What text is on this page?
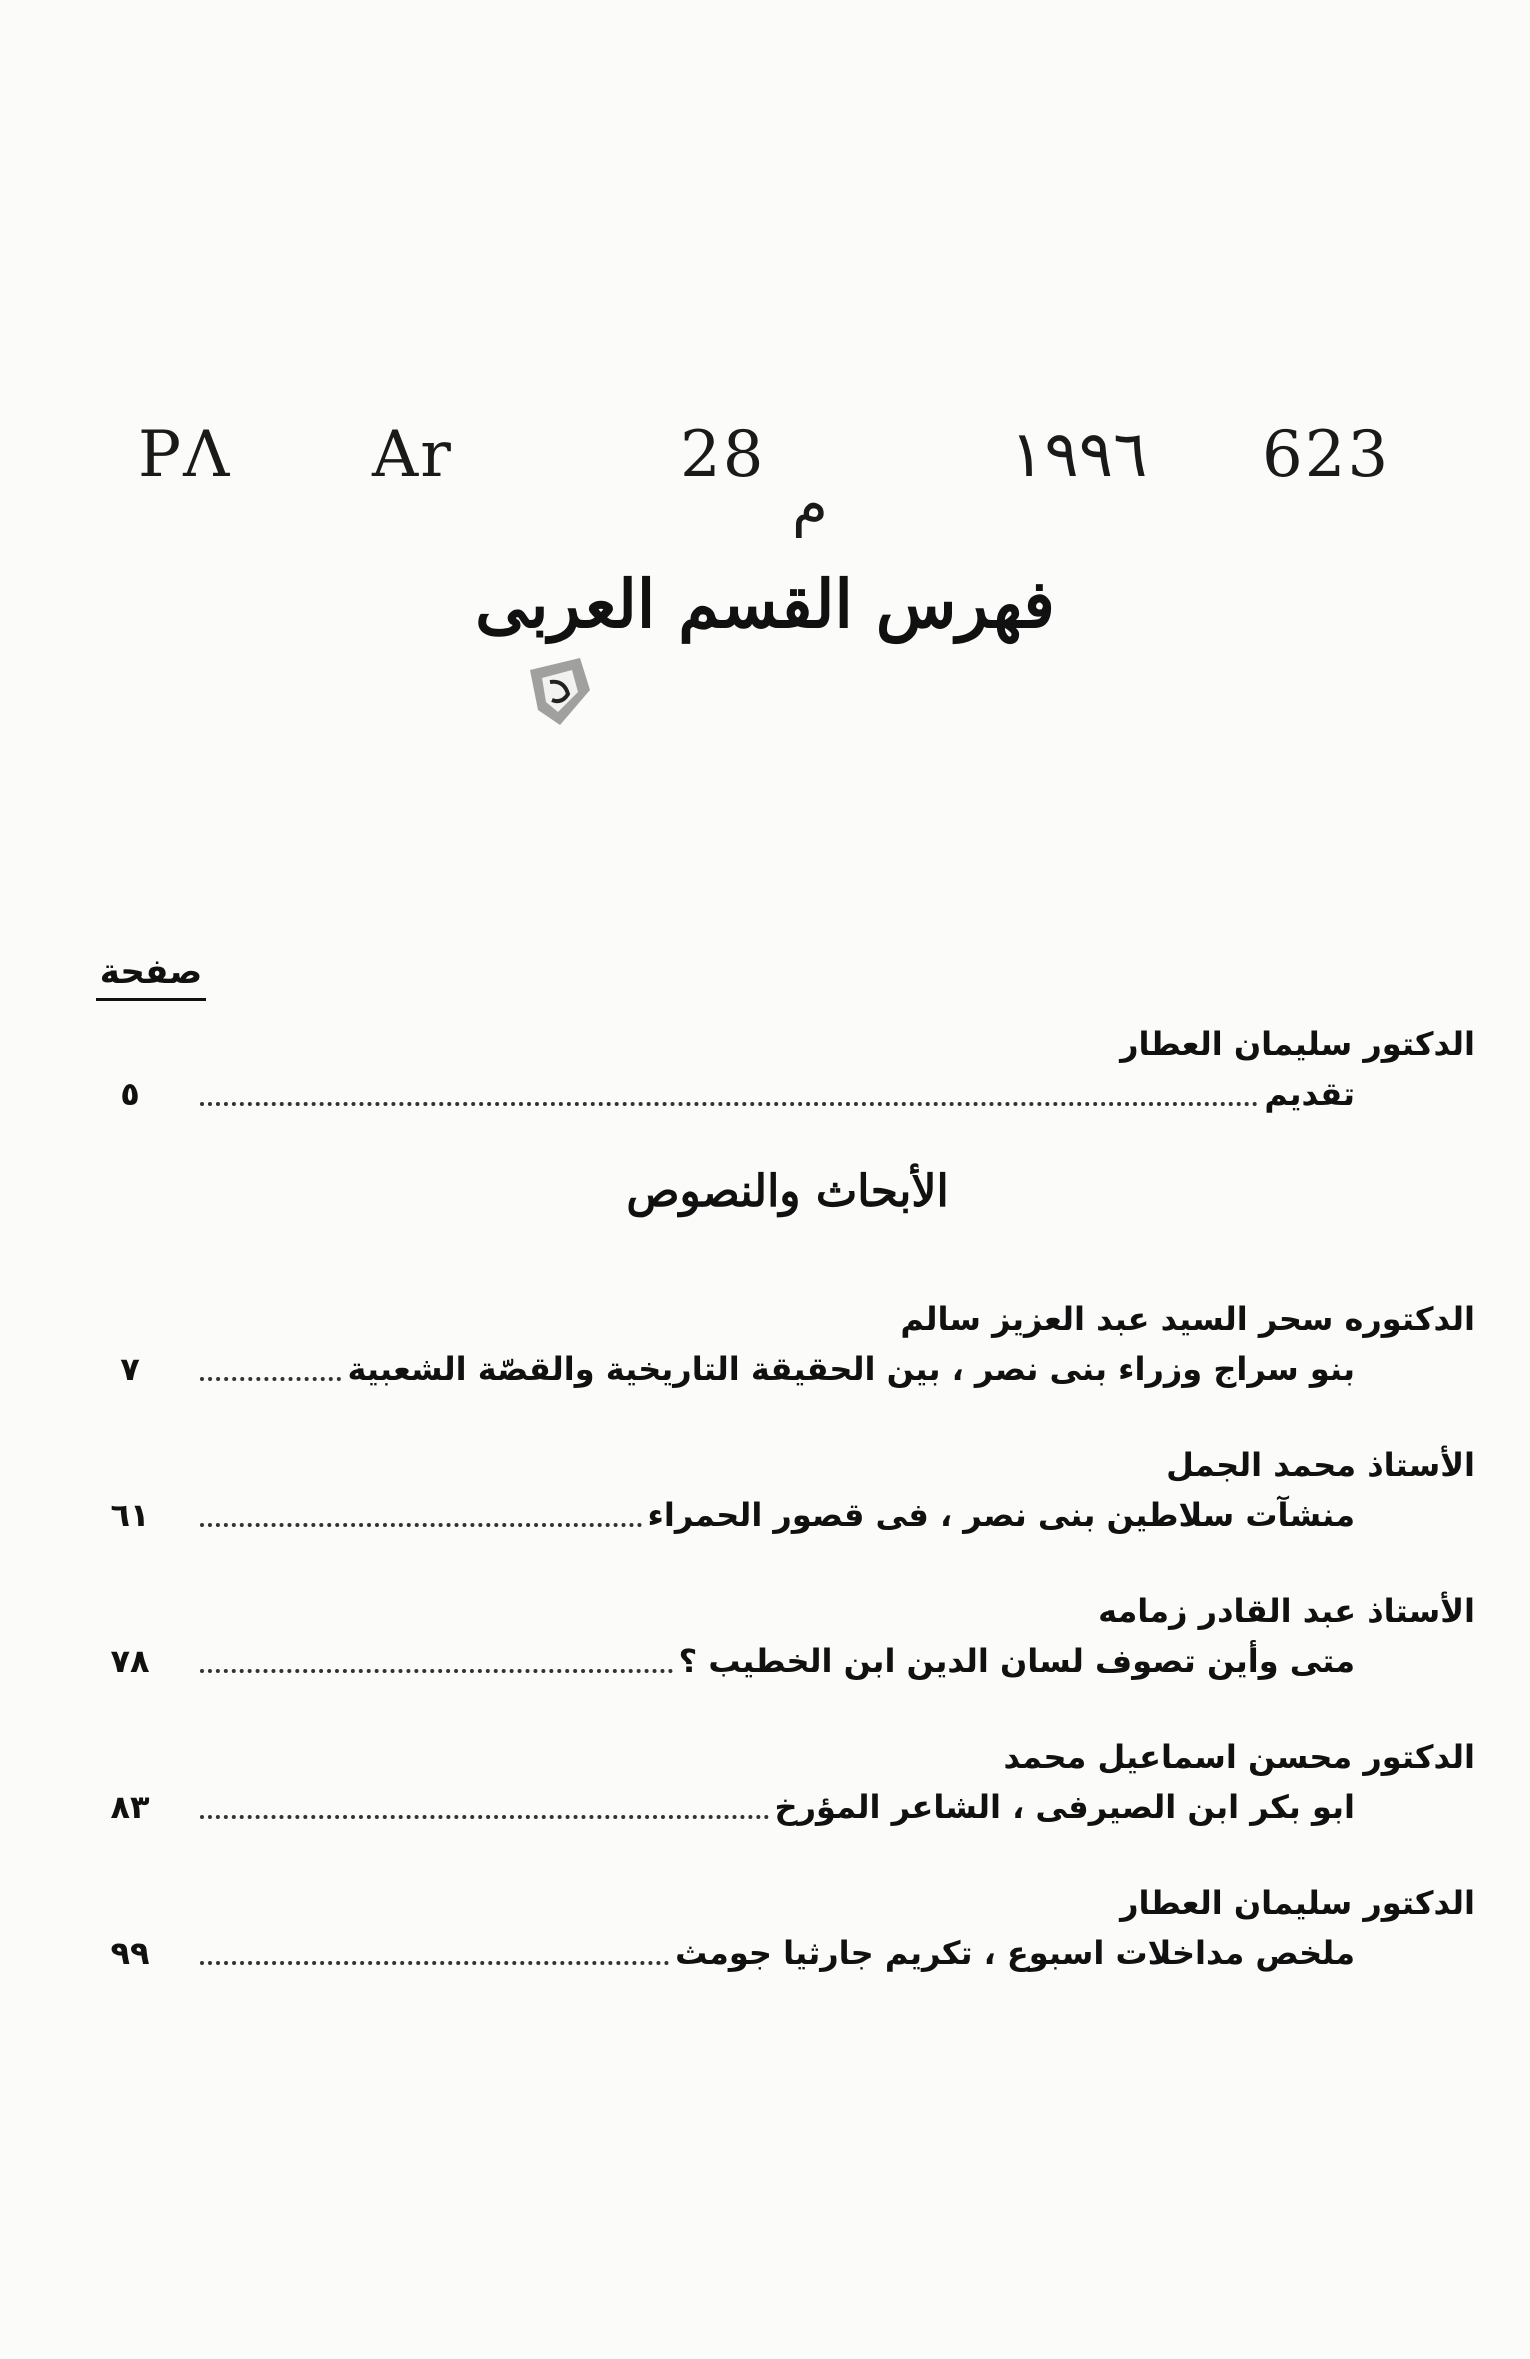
PΛ Ar	28
م
١٩٩٦ 623
فهرس القسم العربى
صفحة
الدكتور سليمان العطار
تقديم
٥
الأبحاث والنصوص
الدكتوره سحر السيد عبد العزيز سالم
بنو سراج وزراء بنى نصر ، بين الحقيقة التاريخية والقصّة الشعبية
٧
الأستاذ محمد الجمل
منشآت سلاطين بنى نصر ، فى قصور الحمراء
٦١
الأستاذ عبد القادر زمامه
متى وأين تصوف لسان الدين ابن الخطيب ؟
٧٨
الدكتور محسن اسماعيل محمد
ابو بكر ابن الصيرفى ، الشاعر المؤرخ
٨٣
الدكتور سليمان العطار
ملخص مداخلات اسبوع ، تكريم جارثيا جومث
٩٩
